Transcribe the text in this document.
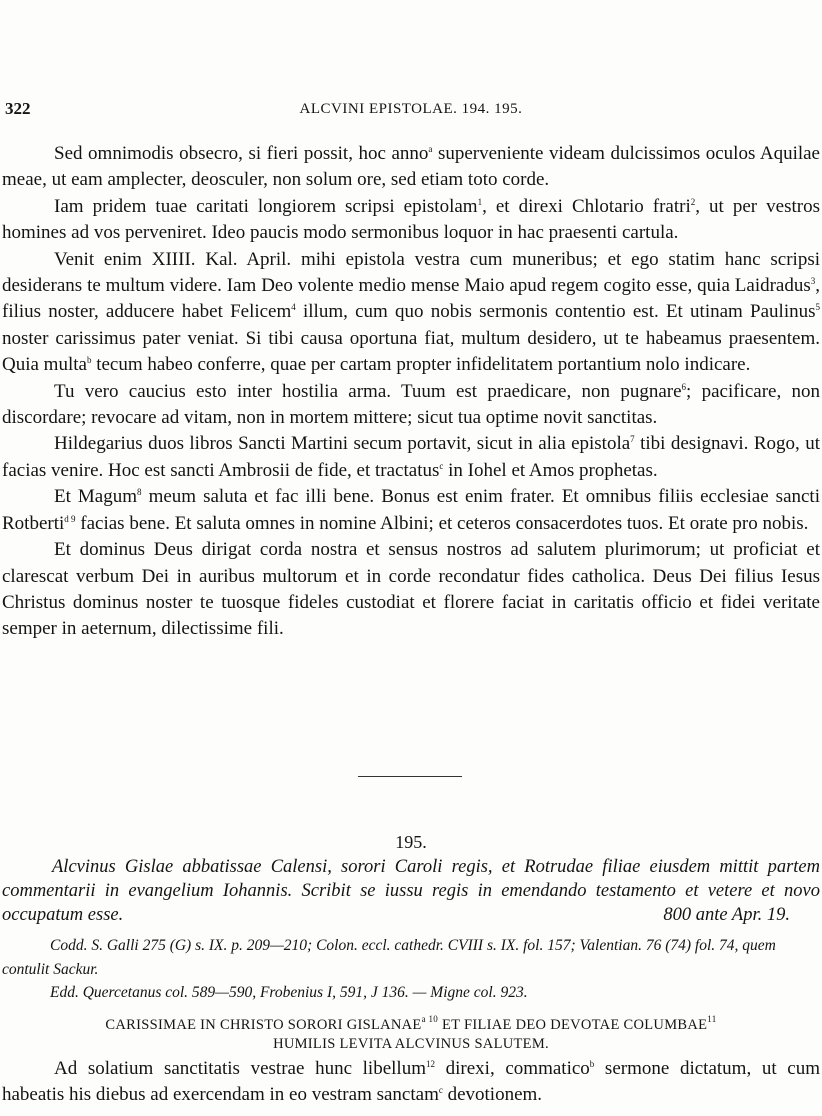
322	ALCVINI EPISTOLAE. 194. 195.

Sed omnimodis obsecro, si fieri possit, hoc anno$^a$ superveniente videam dulcissimos oculos Aquilae meae, ut eam amplecter, deosculer, non solum ore, sed etiam toto corde.

Iam pridem tuae caritati longiorem scripsi epistolam$^1$, et direxi Chlotario fratri$^2$, ut per vestros homines ad vos perveniret. Ideo paucis modo sermonibus loquor in hac praesenti cartula.

Venit enim XIIII. Kal. April. mihi epistola vestra cum muneribus; et ego statim hanc scripsi desiderans te multum videre. Iam Deo volente medio mense Maio apud regem cogito esse, quia Laidradus$^3$, filius noster, adducere habet Felicem$^4$ illum, cum quo nobis sermonis contentio est. Et utinam Paulinus$^5$ noster carissimus pater veniat. Si tibi causa oportuna fiat, multum desidero, ut te habeamus praesentem. Quia multa$^b$ tecum habeo conferre, quae per cartam propter infidelitatem portantium nolo indicare.

Tu vero caucius esto inter hostilia arma. Tuum est praedicare, non pugnare$^6$; pacificare, non discordare; revocare ad vitam, non in mortem mittere; sicut tua optime novit sanctitas.

Hildegarius duos libros Sancti Martini secum portavit, sicut in alia epistola$^7$ tibi designavi. Rogo, ut facias venire. Hoc est sancti Ambrosii de fide, et tractatus$^c$ in Iohel et Amos prophetas.

Et Magum$^8$ meum saluta et fac illi bene. Bonus est enim frater. Et omnibus filiis ecclesiae sancti Rotberti$^{d 9}$ facias bene. Et saluta omnes in nomine Albini; et ceteros consacerdotes tuos. Et orate pro nobis.

Et dominus Deus dirigat corda nostra et sensus nostros ad salutem plurimorum; ut proficiat et clarescat verbum Dei in auribus multorum et in corde recondatur fides catholica. Deus Dei filius Iesus Christus dominus noster te tuosque fideles custodiat et florere faciat in caritatis officio et fidei veritate semper in aeternum, dilectissime fili.

195.

Alcvinus Gislae abbatissae Calensi, sorori Caroli regis, et Rotrudae filiae eiusdem mittit partem commentarii in evangelium Iohannis. Scribit se iussu regis in emendando testamento et vetere et novo occupatum esse.	800 ante Apr. 19.

Codd. S. Galli 275 (G) s. IX. p. 209—210; Colon. eccl. cathedr. CVIII s. IX. fol. 157; Valentian. 76 (74) fol. 74, quem contulit Sackur.

Edd. Quercetanus col. 589—590, Frobenius I, 591, J 136. — Migne col. 923.

CARISSIMAE IN CHRISTO SORORI $GISLANAE^{a 10}$ ET FILIAE DEO DEVOTAE COLUMBAE$^{11}$

HUMILIS LEVITA ALCVINUS SALUTEM.

Ad solatium sanctitatis vestrae hunc libellum$^{12}$ direxi, commatico$^b$ sermone dictatum, ut cum habeatis his diebus ad exercendam in eo vestram sanctam$^c$ devotionem.
